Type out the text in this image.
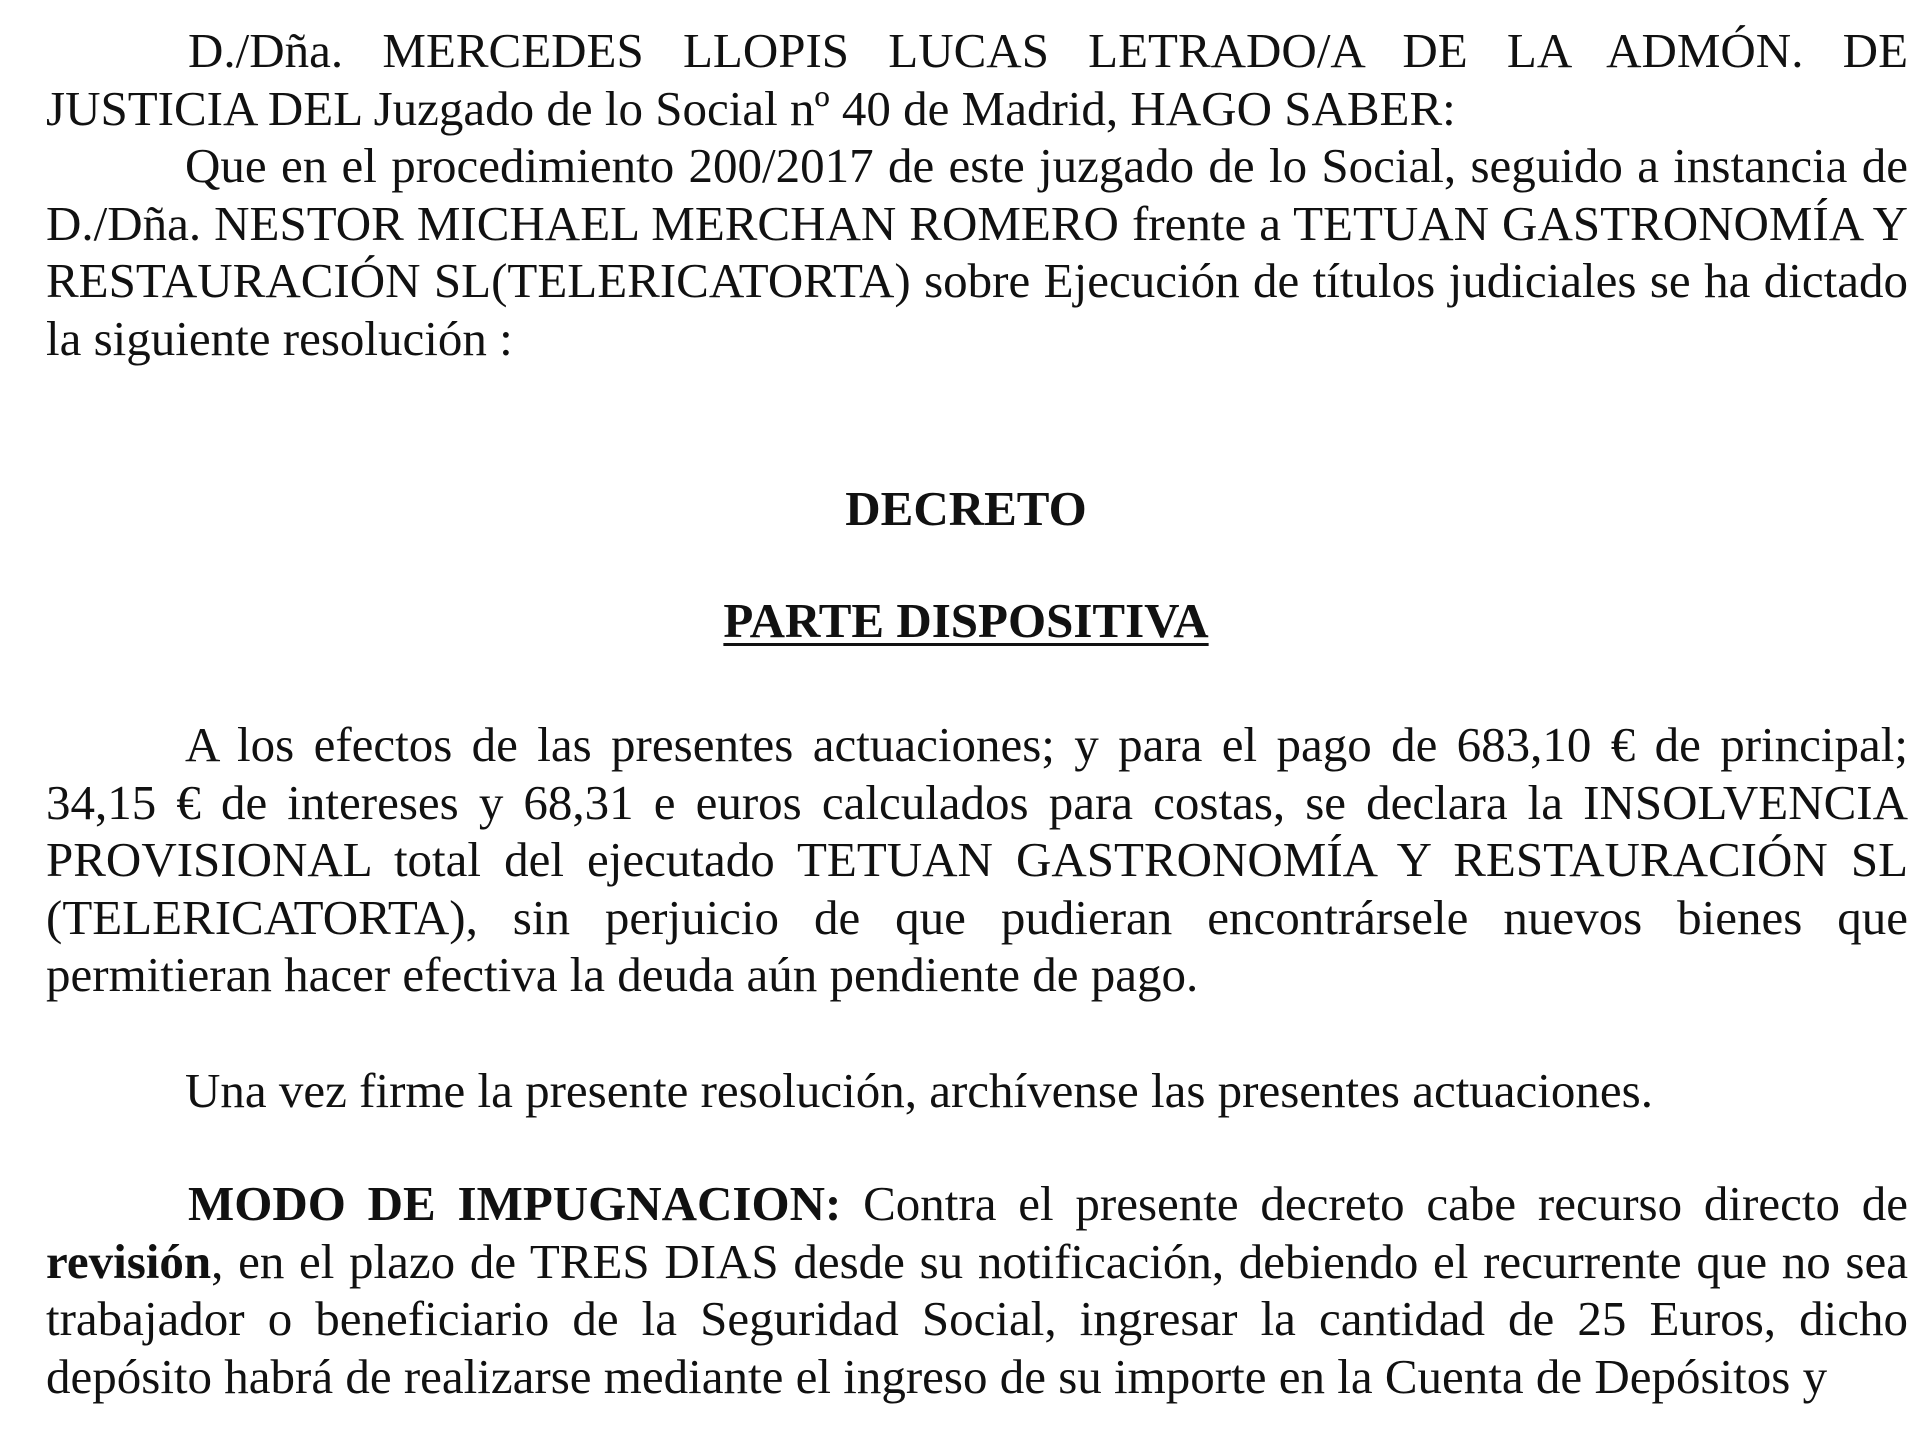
D./Dña. MERCEDES LLOPIS LUCAS LETRADO/A DE LA ADMÓN. DE JUSTICIA DEL Juzgado de lo Social nº 40 de Madrid, HAGO SABER:

Que en el procedimiento 200/2017 de este juzgado de lo Social, seguido a instancia de D./Dña. NESTOR MICHAEL MERCHAN ROMERO frente a TETUAN GASTRONOMÍA Y RESTAURACIÓN SL(TELERICATORTA) sobre Ejecución de títulos judiciales se ha dictado la siguiente resolución :

DECRETO
PARTE DISPOSITIVA

A los efectos de las presentes actuaciones; y para el pago de 683,10 € de principal; 34,15 € de intereses y 68,31 e euros calculados para costas, se declara la INSOLVENCIA PROVISIONAL total del ejecutado TETUAN GASTRONOMÍA Y RESTAURACIÓN SL (TELERICATORTA), sin perjuicio de que pudieran encontrársele nuevos bienes que permitieran hacer efectiva la deuda aún pendiente de pago.

Una vez firme la presente resolución, archívense las presentes actuaciones.

MODO DE IMPUGNACION: Contra el presente decreto cabe recurso directo de revisión, en el plazo de TRES DIAS desde su notificación, debiendo el recurrente que no sea trabajador o beneficiario de la Seguridad Social, ingresar la cantidad de 25 Euros, dicho depósito habrá de realizarse mediante el ingreso de su importe en la Cuenta de Depósitos y
